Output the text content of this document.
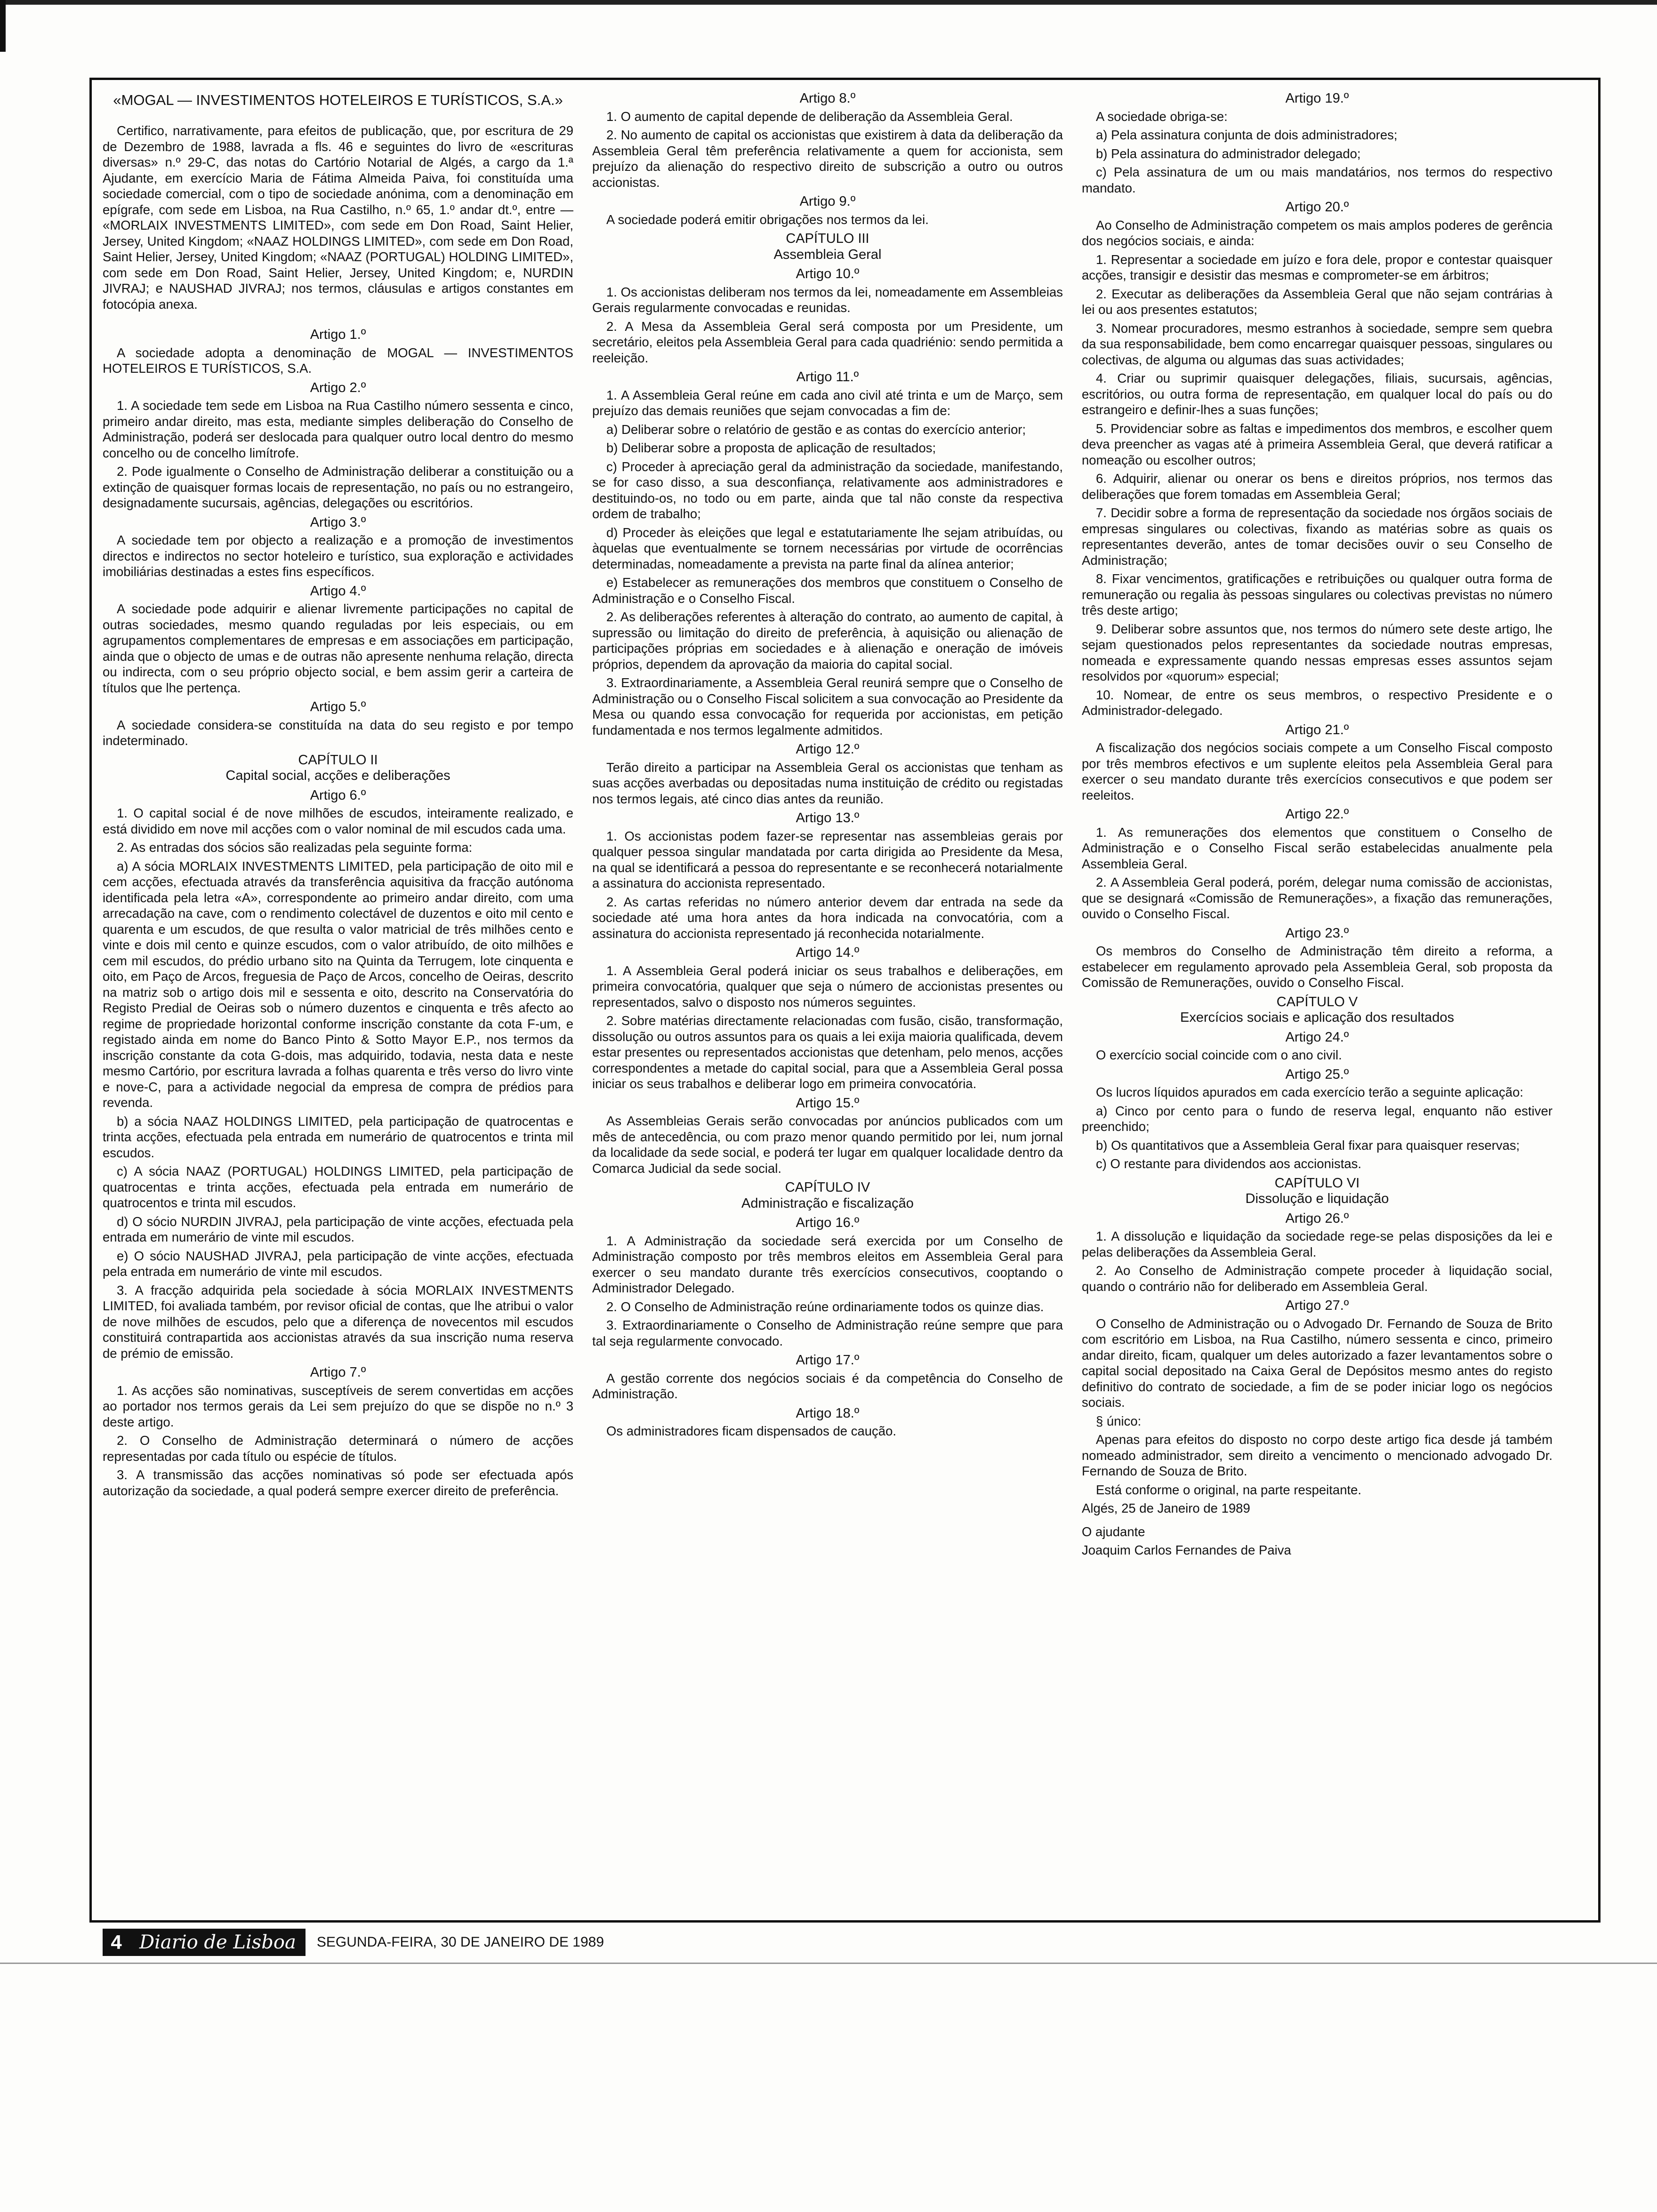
«MOGAL — INVESTIMENTOS HOTELEIROS E TURÍSTICOS, S.A.»

Certifico, narrativamente, para efeitos de publicação, que, por escritura de 29 de Dezembro de 1988, lavrada a fls. 46 e seguintes do livro de «escrituras diversas» n.º 29-C, das notas do Cartório Notarial de Algés, a cargo da 1.ª Ajudante, em exercício Maria de Fátima Almeida Paiva, foi constituída uma sociedade comercial, com o tipo de sociedade anónima, com a denominação em epígrafe, com sede em Lisboa, na Rua Castilho, n.º 65, 1.º andar dt.º, entre — «MORLAIX INVESTMENTS LIMITED», com sede em Don Road, Saint Helier, Jersey, United Kingdom; «NAAZ HOLDINGS LIMITED», com sede em Don Road, Saint Helier, Jersey, United Kingdom; «NAAZ (PORTUGAL) HOLDING LIMITED», com sede em Don Road, Saint Helier, Jersey, United Kingdom; e, NURDIN JIVRAJ; e NAUSHAD JIVRAJ; nos termos, cláusulas e artigos constantes em fotocópia anexa.

Artigo 1.º

A sociedade adopta a denominação de MOGAL — INVESTIMENTOS HOTELEIROS E TURÍSTICOS, S.A.

Artigo 2.º

1. A sociedade tem sede em Lisboa na Rua Castilho número sessenta e cinco, primeiro andar direito, mas esta, mediante simples deliberação do Conselho de Administração, poderá ser deslocada para qualquer outro local dentro do mesmo concelho ou de concelho limítrofe.

2. Pode igualmente o Conselho de Administração deliberar a constituição ou a extinção de quaisquer formas locais de representação, no país ou no estrangeiro, designadamente sucursais, agências, delegações ou escritórios.

Artigo 3.º

A sociedade tem por objecto a realização e a promoção de investimentos directos e indirectos no sector hoteleiro e turístico, sua exploração e actividades imobiliárias destinadas a estes fins específicos.

Artigo 4.º

A sociedade pode adquirir e alienar livremente participações no capital de outras sociedades, mesmo quando reguladas por leis especiais, ou em agrupamentos complementares de empresas e em associações em participação, ainda que o objecto de umas e de outras não apresente nenhuma relação, directa ou indirecta, com o seu próprio objecto social, e bem assim gerir a carteira de títulos que lhe pertença.

Artigo 5.º

A sociedade considera-se constituída na data do seu registo e por tempo indeterminado.

CAPÍTULO II
Capital social, acções e deliberações
Artigo 6.º

1. O capital social é de nove milhões de escudos, inteiramente realizado, e está dividido em nove mil acções com o valor nominal de mil escudos cada uma.

2. As entradas dos sócios são realizadas pela seguinte forma:

a) A sócia MORLAIX INVESTMENTS LIMITED, pela participação de oito mil e cem acções, efectuada através da transferência aquisitiva da fracção autónoma identificada pela letra «A», correspondente ao primeiro andar direito, com uma arrecadação na cave, com o rendimento colectável de duzentos e oito mil cento e quarenta e um escudos, de que resulta o valor matricial de três milhões cento e vinte e dois mil cento e quinze escudos, com o valor atribuído, de oito milhões e cem mil escudos, do prédio urbano sito na Quinta da Terrugem, lote cinquenta e oito, em Paço de Arcos, freguesia de Paço de Arcos, concelho de Oeiras, descrito na matriz sob o artigo dois mil e sessenta e oito, descrito na Conservatória do Registo Predial de Oeiras sob o número duzentos e cinquenta e três afecto ao regime de propriedade horizontal conforme inscrição constante da cota F-um, e registado ainda em nome do Banco Pinto & Sotto Mayor E.P., nos termos da inscrição constante da cota G-dois, mas adquirido, todavia, nesta data e neste mesmo Cartório, por escritura lavrada a folhas quarenta e três verso do livro vinte e nove-C, para a actividade negocial da empresa de compra de prédios para revenda.

b) a sócia NAAZ HOLDINGS LIMITED, pela participação de quatrocentas e trinta acções, efectuada pela entrada em numerário de quatrocentos e trinta mil escudos.

c) A sócia NAAZ (PORTUGAL) HOLDINGS LIMITED, pela participação de quatrocentas e trinta acções, efectuada pela entrada em numerário de quatrocentos e trinta mil escudos.

d) O sócio NURDIN JIVRAJ, pela participação de vinte acções, efectuada pela entrada em numerário de vinte mil escudos.

e) O sócio NAUSHAD JIVRAJ, pela participação de vinte acções, efectuada pela entrada em numerário de vinte mil escudos.

3. A fracção adquirida pela sociedade à sócia MORLAIX INVESTMENTS LIMITED, foi avaliada também, por revisor oficial de contas, que lhe atribui o valor de nove milhões de escudos, pelo que a diferença de novecentos mil escudos constituirá contrapartida aos accionistas através da sua inscrição numa reserva de prémio de emissão.

Artigo 7.º

1. As acções são nominativas, susceptíveis de serem convertidas em acções ao portador nos termos gerais da Lei sem prejuízo do que se dispõe no n.º 3 deste artigo.

2. O Conselho de Administração determinará o número de acções representadas por cada título ou espécie de títulos.

3. A transmissão das acções nominativas só pode ser efectuada após autorização da sociedade, a qual poderá sempre exercer direito de preferência.

Artigo 8.º

1. O aumento de capital depende de deliberação da Assembleia Geral.

2. No aumento de capital os accionistas que existirem à data da deliberação da Assembleia Geral têm preferência relativamente a quem for accionista, sem prejuízo da alienação do respectivo direito de subscrição a outro ou outros accionistas.

Artigo 9.º

A sociedade poderá emitir obrigações nos termos da lei.

CAPÍTULO III
Assembleia Geral
Artigo 10.º

1. Os accionistas deliberam nos termos da lei, nomeadamente em Assembleias Gerais regularmente convocadas e reunidas.

2. A Mesa da Assembleia Geral será composta por um Presidente, um secretário, eleitos pela Assembleia Geral para cada quadriénio: sendo permitida a reeleição.

Artigo 11.º

1. A Assembleia Geral reúne em cada ano civil até trinta e um de Março, sem prejuízo das demais reuniões que sejam convocadas a fim de:

a) Deliberar sobre o relatório de gestão e as contas do exercício anterior;

b) Deliberar sobre a proposta de aplicação de resultados;

c) Proceder à apreciação geral da administração da sociedade, manifestando, se for caso disso, a sua desconfiança, relativamente aos administradores e destituindo-os, no todo ou em parte, ainda que tal não conste da respectiva ordem de trabalho;

d) Proceder às eleições que legal e estatutariamente lhe sejam atribuídas, ou àquelas que eventualmente se tornem necessárias por virtude de ocorrências determinadas, nomeadamente a prevista na parte final da alínea anterior;

e) Estabelecer as remunerações dos membros que constituem o Conselho de Administração e o Conselho Fiscal.

2. As deliberações referentes à alteração do contrato, ao aumento de capital, à supressão ou limitação do direito de preferência, à aquisição ou alienação de participações próprias em sociedades e à alienação e oneração de imóveis próprios, dependem da aprovação da maioria do capital social.

3. Extraordinariamente, a Assembleia Geral reunirá sempre que o Conselho de Administração ou o Conselho Fiscal solicitem a sua convocação ao Presidente da Mesa ou quando essa convocação for requerida por accionistas, em petição fundamentada e nos termos legalmente admitidos.

Artigo 12.º

Terão direito a participar na Assembleia Geral os accionistas que tenham as suas acções averbadas ou depositadas numa instituição de crédito ou registadas nos termos legais, até cinco dias antes da reunião.

Artigo 13.º

1. Os accionistas podem fazer-se representar nas assembleias gerais por qualquer pessoa singular mandatada por carta dirigida ao Presidente da Mesa, na qual se identificará a pessoa do representante e se reconhecerá notarialmente a assinatura do accionista representado.

2. As cartas referidas no número anterior devem dar entrada na sede da sociedade até uma hora antes da hora indicada na convocatória, com a assinatura do accionista representado já reconhecida notarialmente.

Artigo 14.º

1. A Assembleia Geral poderá iniciar os seus trabalhos e deliberações, em primeira convocatória, qualquer que seja o número de accionistas presentes ou representados, salvo o disposto nos números seguintes.

2. Sobre matérias directamente relacionadas com fusão, cisão, transformação, dissolução ou outros assuntos para os quais a lei exija maioria qualificada, devem estar presentes ou representados accionistas que detenham, pelo menos, acções correspondentes a metade do capital social, para que a Assembleia Geral possa iniciar os seus trabalhos e deliberar logo em primeira convocatória.

Artigo 15.º

As Assembleias Gerais serão convocadas por anúncios publicados com um mês de antecedência, ou com prazo menor quando permitido por lei, num jornal da localidade da sede social, e poderá ter lugar em qualquer localidade dentro da Comarca Judicial da sede social.

CAPÍTULO IV
Administração e fiscalização
Artigo 16.º

1. A Administração da sociedade será exercida por um Conselho de Administração composto por três membros eleitos em Assembleia Geral para exercer o seu mandato durante três exercícios consecutivos, cooptando o Administrador Delegado.

2. O Conselho de Administração reúne ordinariamente todos os quinze dias.

3. Extraordinariamente o Conselho de Administração reúne sempre que para tal seja regularmente convocado.

Artigo 17.º

A gestão corrente dos negócios sociais é da competência do Conselho de Administração.

Artigo 18.º

Os administradores ficam dispensados de caução.

Artigo 19.º

A sociedade obriga-se:

a) Pela assinatura conjunta de dois administradores;

b) Pela assinatura do administrador delegado;

c) Pela assinatura de um ou mais mandatários, nos termos do respectivo mandato.

Artigo 20.º

Ao Conselho de Administração competem os mais amplos poderes de gerência dos negócios sociais, e ainda:

1. Representar a sociedade em juízo e fora dele, propor e contestar quaisquer acções, transigir e desistir das mesmas e comprometer-se em árbitros;

2. Executar as deliberações da Assembleia Geral que não sejam contrárias à lei ou aos presentes estatutos;

3. Nomear procuradores, mesmo estranhos à sociedade, sempre sem quebra da sua responsabilidade, bem como encarregar quaisquer pessoas, singulares ou colectivas, de alguma ou algumas das suas actividades;

4. Criar ou suprimir quaisquer delegações, filiais, sucursais, agências, escritórios, ou outra forma de representação, em qualquer local do país ou do estrangeiro e definir-lhes a suas funções;

5. Providenciar sobre as faltas e impedimentos dos membros, e escolher quem deva preencher as vagas até à primeira Assembleia Geral, que deverá ratificar a nomeação ou escolher outros;

6. Adquirir, alienar ou onerar os bens e direitos próprios, nos termos das deliberações que forem tomadas em Assembleia Geral;

7. Decidir sobre a forma de representação da sociedade nos órgãos sociais de empresas singulares ou colectivas, fixando as matérias sobre as quais os representantes deverão, antes de tomar decisões ouvir o seu Conselho de Administração;

8. Fixar vencimentos, gratificações e retribuições ou qualquer outra forma de remuneração ou regalia às pessoas singulares ou colectivas previstas no número três deste artigo;

9. Deliberar sobre assuntos que, nos termos do número sete deste artigo, lhe sejam questionados pelos representantes da sociedade noutras empresas, nomeada e expressamente quando nessas empresas esses assuntos sejam resolvidos por «quorum» especial;

10. Nomear, de entre os seus membros, o respectivo Presidente e o Administrador-delegado.

Artigo 21.º

A fiscalização dos negócios sociais compete a um Conselho Fiscal composto por três membros efectivos e um suplente eleitos pela Assembleia Geral para exercer o seu mandato durante três exercícios consecutivos e que podem ser reeleitos.

Artigo 22.º

1. As remunerações dos elementos que constituem o Conselho de Administração e o Conselho Fiscal serão estabelecidas anualmente pela Assembleia Geral.

2. A Assembleia Geral poderá, porém, delegar numa comissão de accionistas, que se designará «Comissão de Remunerações», a fixação das remunerações, ouvido o Conselho Fiscal.

Artigo 23.º

Os membros do Conselho de Administração têm direito a reforma, a estabelecer em regulamento aprovado pela Assembleia Geral, sob proposta da Comissão de Remunerações, ouvido o Conselho Fiscal.

CAPÍTULO V
Exercícios sociais e aplicação dos resultados
Artigo 24.º

O exercício social coincide com o ano civil.

Artigo 25.º

Os lucros líquidos apurados em cada exercício terão a seguinte aplicação:

a) Cinco por cento para o fundo de reserva legal, enquanto não estiver preenchido;

b) Os quantitativos que a Assembleia Geral fixar para quaisquer reservas;

c) O restante para dividendos aos accionistas.

CAPÍTULO VI
Dissolução e liquidação
Artigo 26.º

1. A dissolução e liquidação da sociedade rege-se pelas disposições da lei e pelas deliberações da Assembleia Geral.

2. Ao Conselho de Administração compete proceder à liquidação social, quando o contrário não for deliberado em Assembleia Geral.

Artigo 27.º

O Conselho de Administração ou o Advogado Dr. Fernando de Souza de Brito com escritório em Lisboa, na Rua Castilho, número sessenta e cinco, primeiro andar direito, ficam, qualquer um deles autorizado a fazer levantamentos sobre o capital social depositado na Caixa Geral de Depósitos mesmo antes do registo definitivo do contrato de sociedade, a fim de se poder iniciar logo os negócios sociais.

§ único:

Apenas para efeitos do disposto no corpo deste artigo fica desde já também nomeado administrador, sem direito a vencimento o mencionado advogado Dr. Fernando de Souza de Brito.

Está conforme o original, na parte respeitante.

Algés, 25 de Janeiro de 1989

O ajudante

Joaquim Carlos Fernandes de Paiva

4 Diario de Lisboa	SEGUNDA-FEIRA, 30 DE JANEIRO DE 1989
